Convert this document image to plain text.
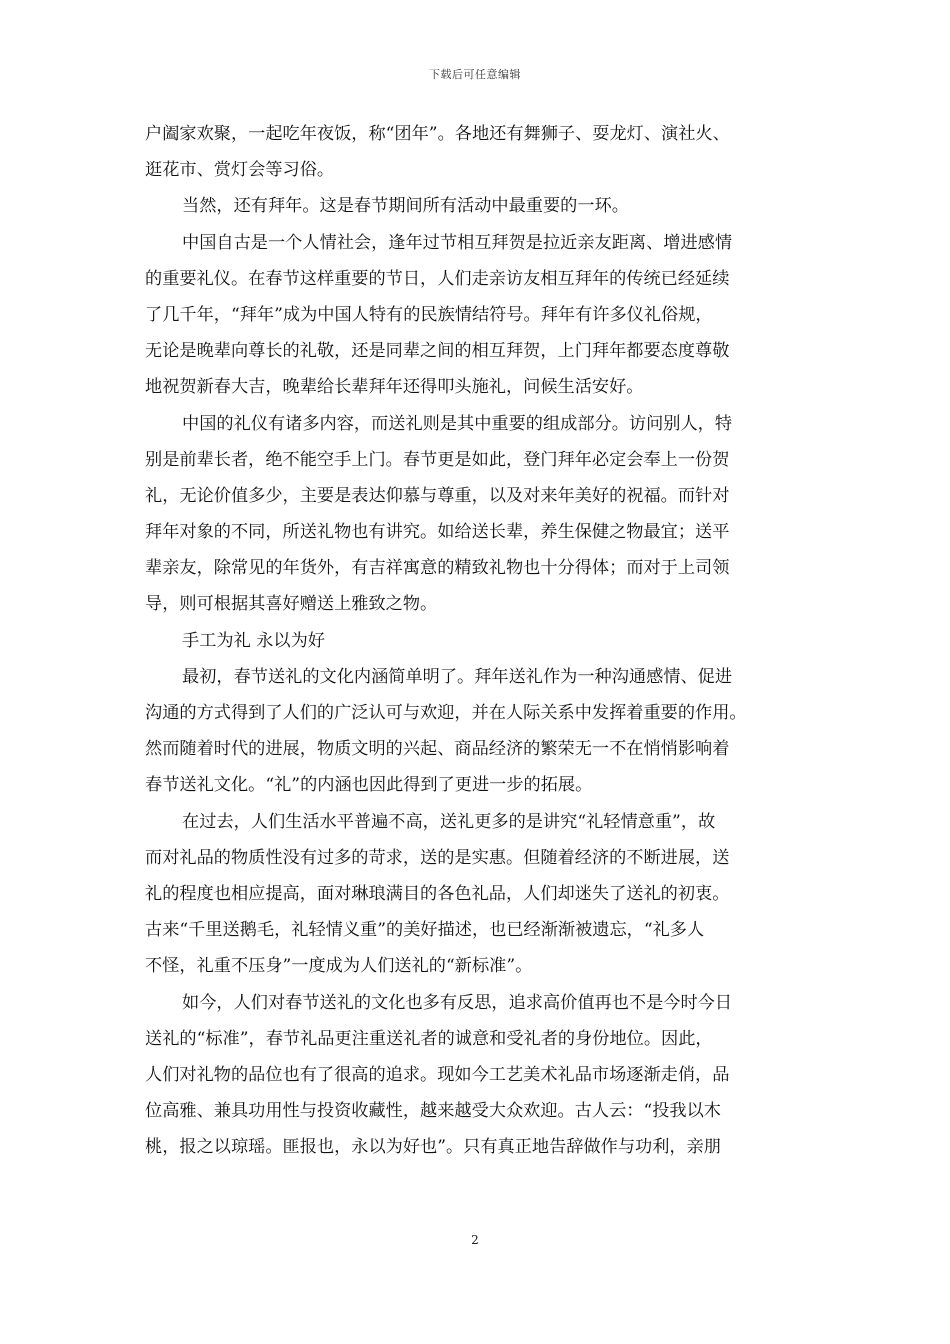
下载后可任意编辑
户阖家欢聚，一起吃年夜饭，称“团年”。各地还有舞狮子、耍龙灯、演社火、
逛花市、赏灯会等习俗。
当然，还有拜年。这是春节期间所有活动中最重要的一环。
中国自古是一个人情社会，逢年过节相互拜贺是拉近亲友距离、增进感情
的重要礼仪。在春节这样重要的节日，人们走亲访友相互拜年的传统已经延续
了几千年，“拜年”成为中国人特有的民族情结符号。拜年有许多仪礼俗规，
无论是晚辈向尊长的礼敬，还是同辈之间的相互拜贺，上门拜年都要态度尊敬
地祝贺新春大吉，晚辈给长辈拜年还得叩头施礼，问候生活安好。
中国的礼仪有诸多内容，而送礼则是其中重要的组成部分。访问别人，特
别是前辈长者，绝不能空手上门。春节更是如此，登门拜年必定会奉上一份贺
礼，无论价值多少，主要是表达仰慕与尊重，以及对来年美好的祝福。而针对
拜年对象的不同，所送礼物也有讲究。如给送长辈，养生保健之物最宜；送平
辈亲友，除常见的年货外，有吉祥寓意的精致礼物也十分得体；而对于上司领
导，则可根据其喜好赠送上雅致之物。
手工为礼 永以为好
最初，春节送礼的文化内涵简单明了。拜年送礼作为一种沟通感情、促进
沟通的方式得到了人们的广泛认可与欢迎，并在人际关系中发挥着重要的作用。
然而随着时代的进展，物质文明的兴起、商品经济的繁荣无一不在悄悄影响着
春节送礼文化。“礼”的内涵也因此得到了更进一步的拓展。
在过去，人们生活水平普遍不高，送礼更多的是讲究“礼轻情意重”，故
而对礼品的物质性没有过多的苛求，送的是实惠。但随着经济的不断进展，送
礼的程度也相应提高，面对琳琅满目的各色礼品，人们却迷失了送礼的初衷。
古来“千里送鹅毛，礼轻情义重”的美好描述，也已经渐渐被遗忘，“礼多人
不怪，礼重不压身”一度成为人们送礼的“新标准”。
如今，人们对春节送礼的文化也多有反思，追求高价值再也不是今时今日
送礼的“标准”，春节礼品更注重送礼者的诚意和受礼者的身份地位。因此，
人们对礼物的品位也有了很高的追求。现如今工艺美术礼品市场逐渐走俏，品
位高雅、兼具功用性与投资收藏性，越来越受大众欢迎。古人云：“投我以木
桃，报之以琼瑶。匪报也，永以为好也”。只有真正地告辞做作与功利，亲朋
2
